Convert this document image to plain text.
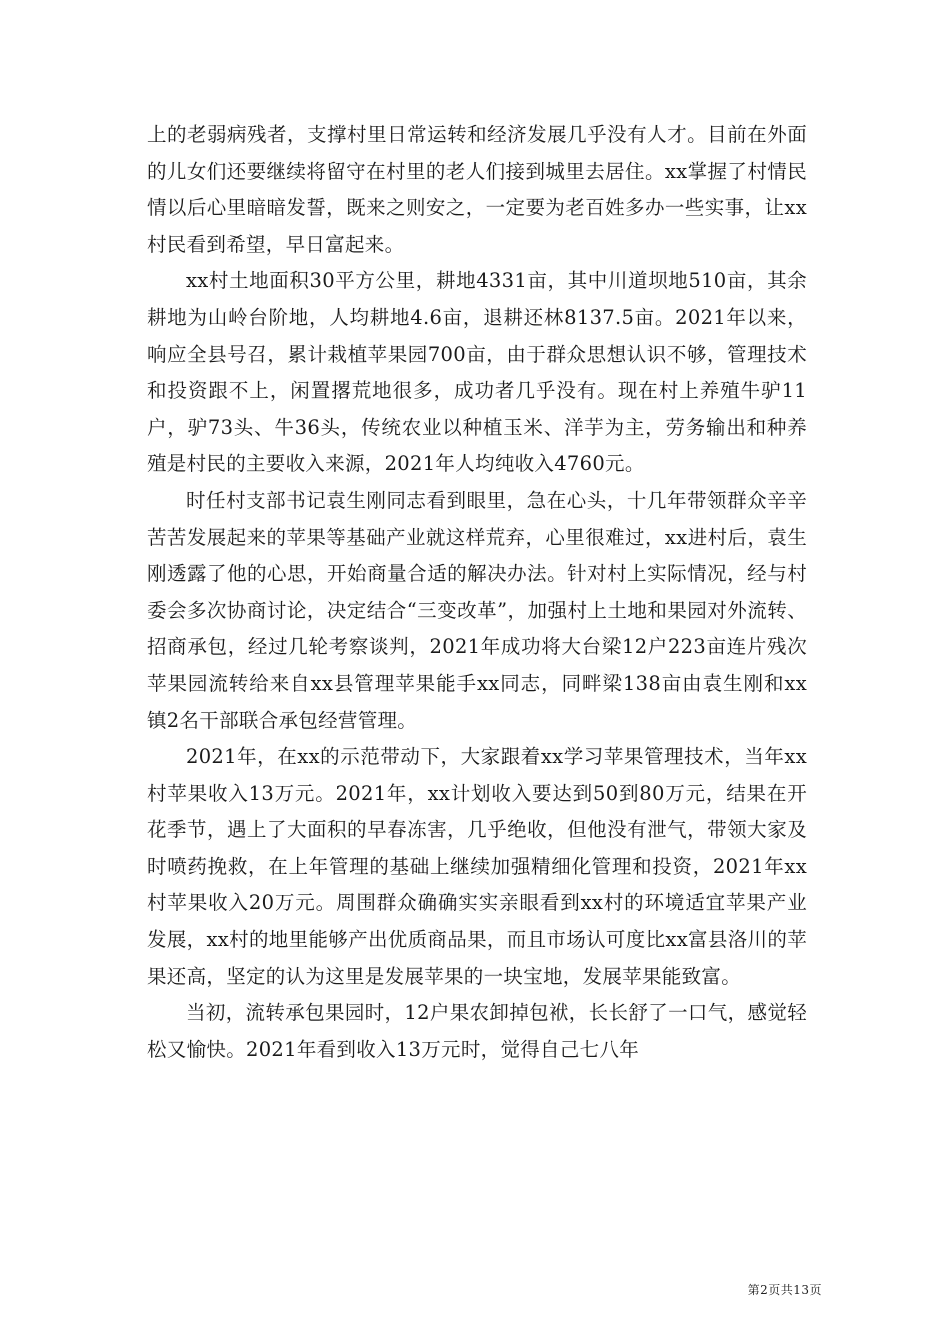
上的老弱病残者，支撑村里日常运转和经济发展几乎没有人才。目前在外面的儿女们还要继续将留守在村里的老人们接到城里去居住。xx掌握了村情民情以后心里暗暗发誓，既来之则安之，一定要为老百姓多办一些实事，让xx村民看到希望，早日富起来。

xx村土地面积30平方公里，耕地4331亩，其中川道坝地510亩，其余耕地为山岭台阶地，人均耕地4.6亩，退耕还林8137.5亩。2021年以来，响应全县号召，累计栽植苹果园700亩，由于群众思想认识不够，管理技术和投资跟不上，闲置撂荒地很多，成功者几乎没有。现在村上养殖牛驴11户，驴73头、牛36头，传统农业以种植玉米、洋芋为主，劳务输出和种养殖是村民的主要收入来源，2021年人均纯收入4760元。

时任村支部书记袁生刚同志看到眼里，急在心头，十几年带领群众辛辛苦苦发展起来的苹果等基础产业就这样荒弃，心里很难过，xx进村后，袁生刚透露了他的心思，开始商量合适的解决办法。针对村上实际情况，经与村委会多次协商讨论，决定结合“三变改革”，加强村上土地和果园对外流转、招商承包，经过几轮考察谈判，2021年成功将大台梁12户223亩连片残次苹果园流转给来自xx县管理苹果能手xx同志，同畔梁138亩由袁生刚和xx镇2名干部联合承包经营管理。

2021年，在xx的示范带动下，大家跟着xx学习苹果管理技术，当年xx村苹果收入13万元。2021年，xx计划收入要达到50到80万元，结果在开花季节，遇上了大面积的早春冻害，几乎绝收，但他没有泄气，带领大家及时喷药挽救，在上年管理的基础上继续加强精细化管理和投资，2021年xx村苹果收入20万元。周围群众确确实实亲眼看到xx村的环境适宜苹果产业发展，xx村的地里能够产出优质商品果，而且市场认可度比xx富县洛川的苹果还高，坚定的认为这里是发展苹果的一块宝地，发展苹果能致富。

当初，流转承包果园时，12户果农卸掉包袱，长长舒了一口气，感觉轻松又愉快。2021年看到收入13万元时，觉得自己七八年

第2页共13页
